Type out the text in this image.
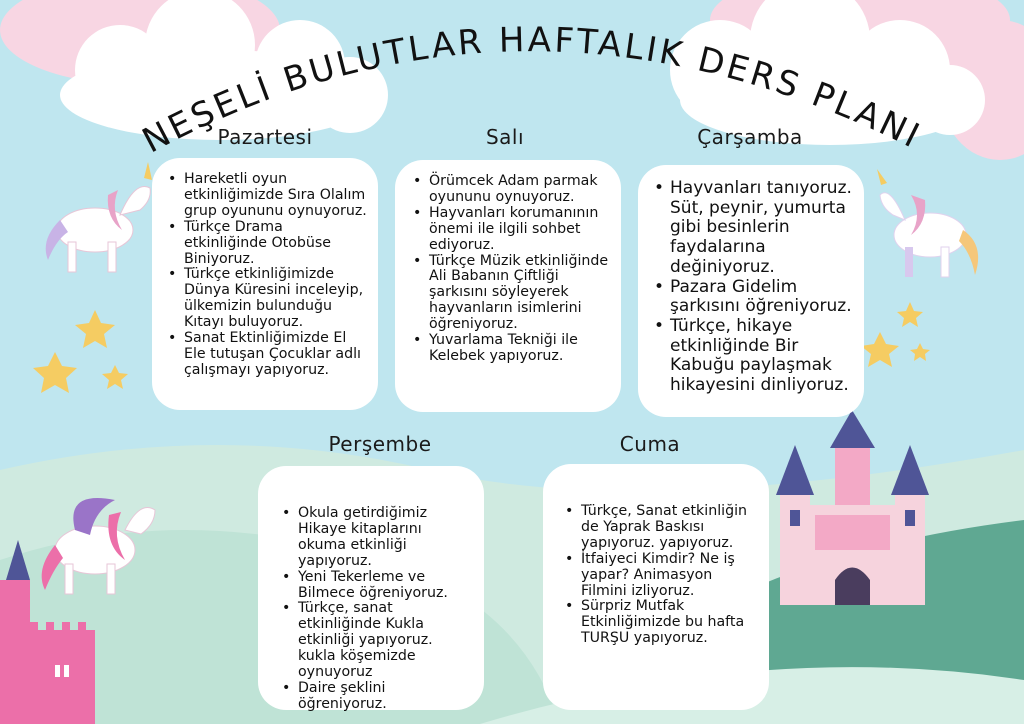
NEŞELİ BULUTLAR HAFTALIK DERS PLANI
Pazartesi	Salı	Çarşamba
Perşembe	Cuma
• Hareketli oyun etkinliğimizde Sıra Olalım grup oyununu oynuyoruz.
• Türkçe Drama etkinliğinde Otobüse Biniyoruz.
• Türkçe etkinliğimizde Dünya Küresini inceleyip, ülkemizin bulunduğu Kıtayı buluyoruz.
• Sanat Ektinliğimizde El Ele tutuşan Çocuklar adlı çalışmayı yapıyoruz.
• Örümcek Adam parmak oyununu oynuyoruz.
• Hayvanları korumanının önemi ile ilgili sohbet ediyoruz.
• Türkçe Müzik etkinliğinde Ali Babanın Çiftliği şarkısını söyleyerek hayvanların isimlerini öğreniyoruz.
• Yuvarlama Tekniği ile Kelebek yapıyoruz.
• Hayvanları tanıyoruz. Süt, peynir, yumurta gibi besinlerin faydalarına değiniyoruz.
• Pazara Gidelim şarkısını öğreniyoruz.
• Türkçe, hikaye etkinliğinde Bir Kabuğu paylaşmak hikayesini dinliyoruz.
• Okula getirdiğimiz Hikaye kitaplarını okuma etkinliği yapıyoruz.
• Yeni Tekerleme ve Bilmece öğreniyoruz.
• Türkçe, sanat etkinliğinde Kukla etkinliği yapıyoruz. kukla köşemizde oynuyoruz
• Daire şeklini öğreniyoruz.
• Türkçe, Sanat etkinliğin de Yaprak Baskısı yapıyoruz. yapıyoruz.
• İtfaiyeci Kimdir? Ne iş yapar? Animasyon Filmini izliyoruz.
• Sürpriz Mutfak Etkinliğimizde bu hafta TURŞU yapıyoruz.
